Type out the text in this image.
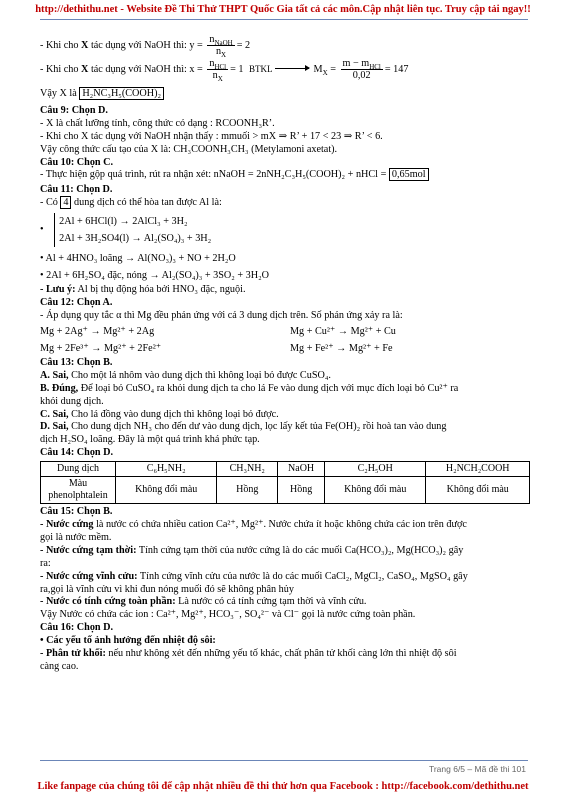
http://dethithu.net - Website Đề Thi Thử THPT Quốc Gia tất cả các môn.Cập nhật liên tục. Truy cập tải ngay!!
- Khi cho X tác dụng với NaOH thì: $y = \frac{n_{NaOH}}{n_X} = 2$
- Khi cho X tác dụng với NaOH thì: $x = \frac{n_{HCl}}{n_X} = 1$ BTKL	$M_X = \frac{m - m_{HCl}}{0,02} = 147$
Vậy X là H₂NC₃H₅(COOH)₂
Câu 9: Chọn D.
- X là chất lưỡng tính, công thức có dạng : RCOONH₃R’.
- Khi cho X tác dụng với NaOH nhận thấy : mmuối > mX ⇒ R’ + 17 < 23 ⇒ R’ < 6.
Vậy công thức cấu tạo của X là: CH₃COONH₃CH₃ (Metylamoni axetat).
Câu 10: Chọn C.
- Thực hiện gộp quá trình, rút ra nhận xét: nNaOH = 2nNH₂C₃H₅(COOH)₂ + nHCl = 0,65mol
Câu 11: Chọn D.
- Có 4 dung dịch có thể hòa tan được Al là:
•
2Al + 6HCl(l) → 2AlCl₃ + 3H₂
2Al + 3H₂SO4(l) → Al₂(SO₄)₃ + 3H₂
• Al + 4HNO₃ loãng → Al(NO₃)₃ + NO + 2H₂O
• 2Al + 6H₂SO₄ đặc, nóng → Al₂(SO₄)₃ + 3SO₂ + 3H₂O
- Lưu ý: Al bị thụ động hóa bởi HNO₃ đặc, nguội.
Câu 12: Chọn A.
- Áp dụng quy tắc α thì Mg đều phản ứng với cả 3 dung dịch trên. Số phản ứng xảy ra là:
Mg + 2Ag⁺ → Mg²⁺ + 2Ag	Mg + Cu²⁺ → Mg²⁺ + Cu
Mg + 2Fe³⁺ → Mg²⁺ + 2Fe²⁺	Mg + Fe²⁺ → Mg²⁺ + Fe
Câu 13: Chọn B.
A. Sai, Cho một lá nhôm vào dung dịch thì không loại bỏ được CuSO₄.
B. Đúng, Để loại bỏ CuSO₄ ra khỏi dung dịch ta cho lá Fe vào dung dịch với mục đích loại bỏ Cu²⁺ ra
khỏi dung dịch.
C. Sai, Cho lá đồng vào dung dịch thì không loại bỏ được.
D. Sai, Cho dung dịch NH₃ cho đến dư vào dung dịch, lọc lấy kết tủa Fe(OH)₂ rồi hoà tan vào dung
dịch H₂SO₄ loãng. Đây là một quá trình khá phức tạp.
Câu 14: Chọn D.
Dung dịch	C₆H₅NH₂	CH₃NH₂	NaOH	C₂H₅OH	H₂NCH₂COOH
Màu phenolphtalein	Không đổi màu	Hồng	Hồng	Không đổi màu	Không đổi màu
Câu 15: Chọn B.
- Nước cứng là nước có chứa nhiều cation Ca²⁺, Mg²⁺. Nước chứa ít hoặc không chứa các ion trên được
gọi là nước mềm.
- Nước cứng tạm thời: Tính cứng tạm thời của nước cứng là do các muối Ca(HCO₃)₂, Mg(HCO₃)₂ gây
ra:
- Nước cứng vĩnh cửu: Tính cứng vĩnh cửu của nước là do các muối CaCl₂, MgCl₂, CaSO₄, MgSO₄ gây
ra,gọi là vĩnh cửu vì khi đun nóng muối đó sẽ không phân hủy
- Nước có tính cứng toàn phần: Là nước có cả tính cứng tạm thời và vĩnh cửu.
Vậy Nước có chứa các ion : Ca²⁺, Mg²⁺, HCO₃⁻, SO₄²⁻ và Cl⁻ gọi là nước cứng toàn phần.
Câu 16: Chọn D.
• Các yếu tố ảnh hưởng đến nhiệt độ sôi:
- Phân tử khối: nếu như không xét đến những yếu tố khác, chất phân tử khối càng lớn thì nhiệt độ sôi
càng cao.
Trang 6/5 – Mã đề thi 101
Like fanpage của chúng tôi để cập nhật nhiều đề thi thử hơn qua Facebook : http://facebook.com/dethithu.net
